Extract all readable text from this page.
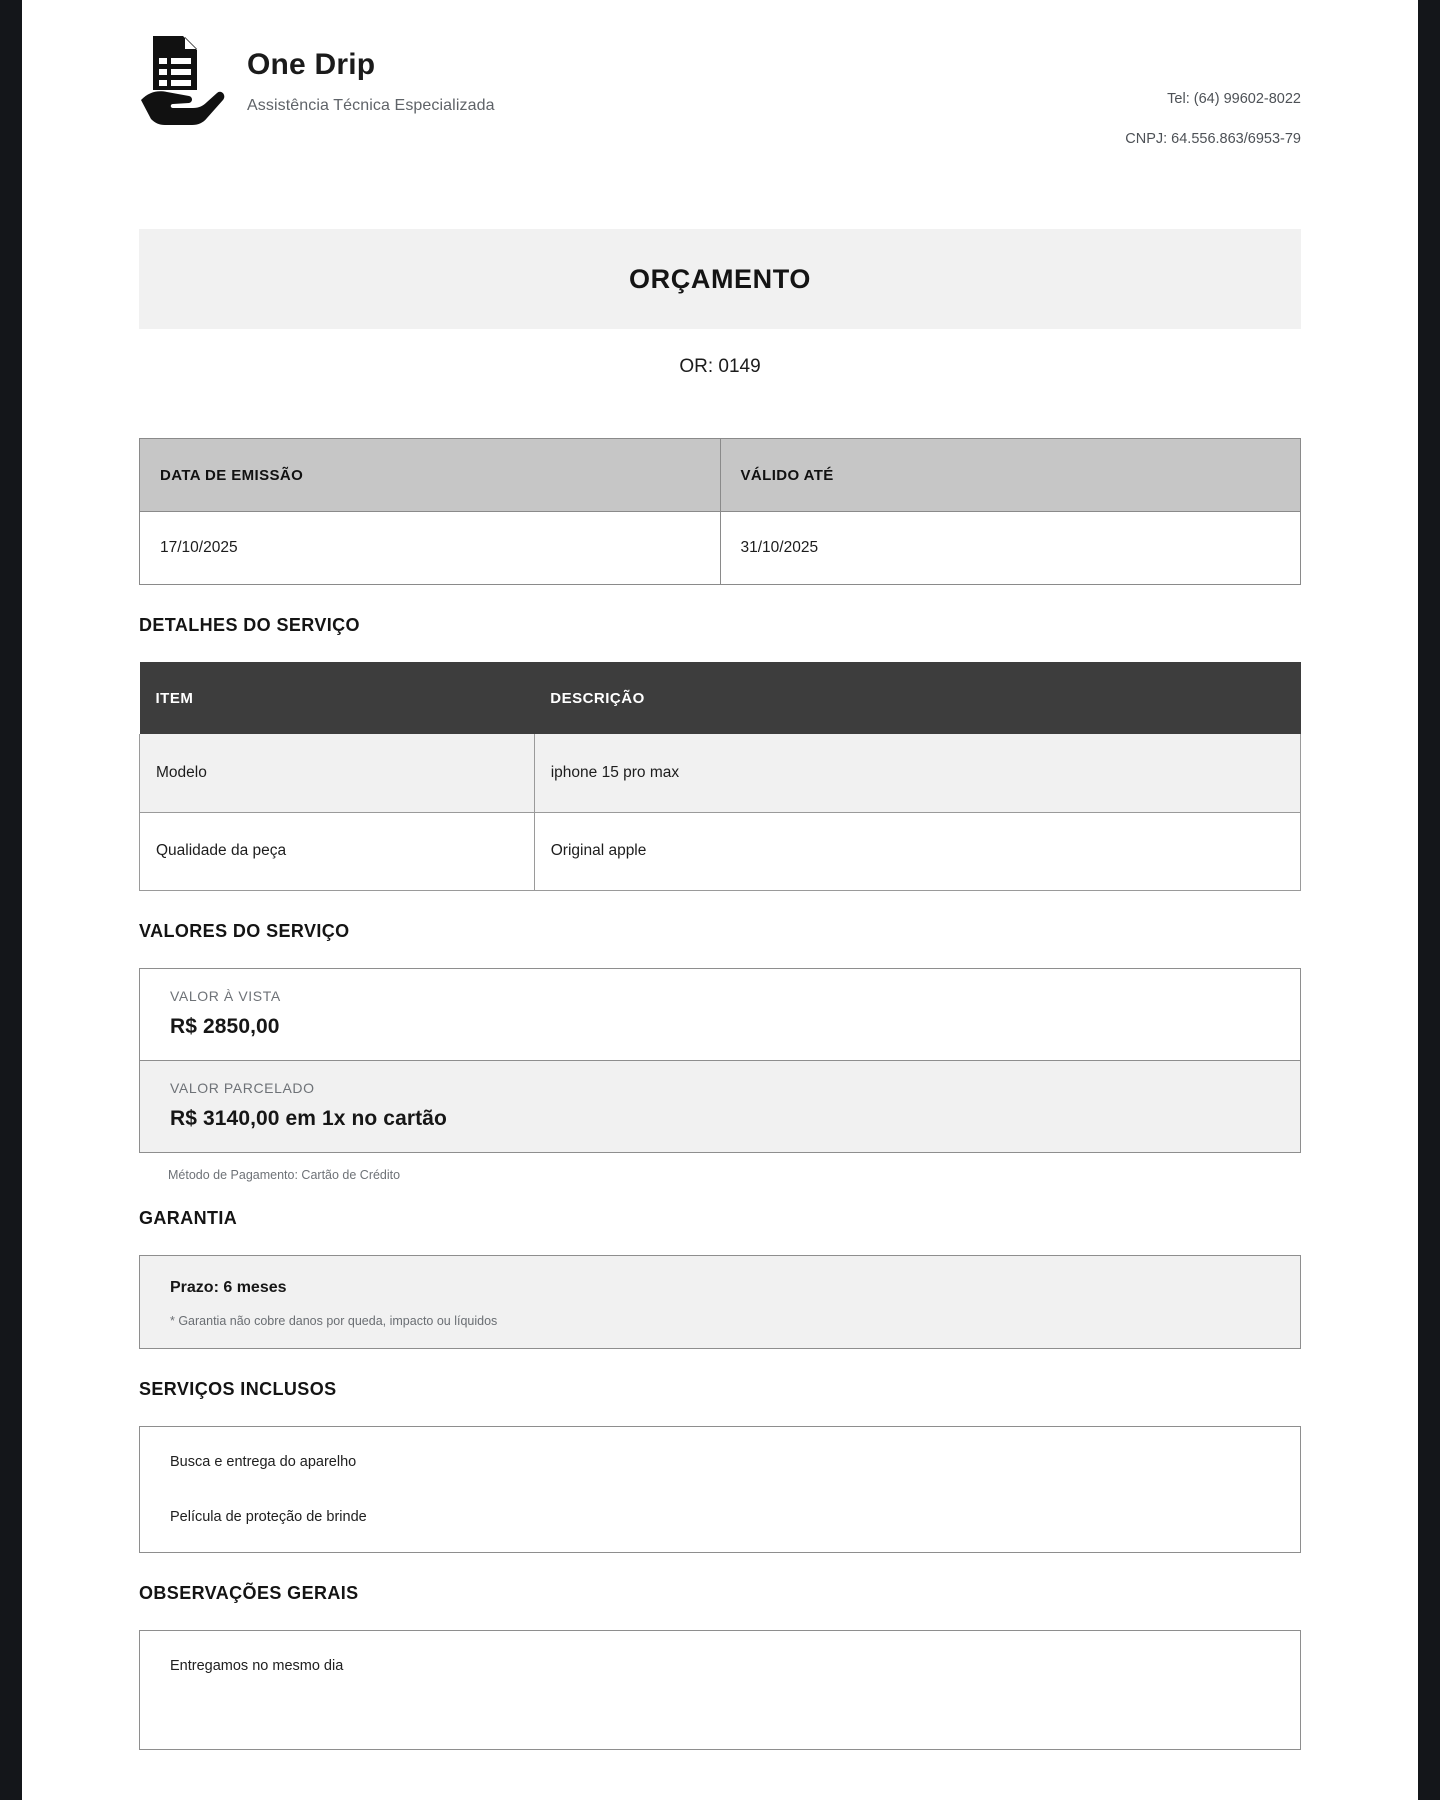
One Drip
Assistência Técnica Especializada	Tel: (64) 99602-8022
CNPJ: 64.556.863/6953-79
ORÇAMENTO
OR: 0149
DATA DE EMISSÃO	VÁLIDO ATÉ
17/10/2025	31/10/2025
DETALHES DO SERVIÇO
ITEM	DESCRIÇÃO
Modelo	iphone 15 pro max
Qualidade da peça	Original apple
VALORES DO SERVIÇO
VALOR À VISTA
R$ 2850,00
VALOR PARCELADO
R$ 3140,00 em 1x no cartão
Método de Pagamento: Cartão de Crédito
GARANTIA
Prazo: 6 meses
* Garantia não cobre danos por queda, impacto ou líquidos
SERVIÇOS INCLUSOS
Busca e entrega do aparelho
Película de proteção de brinde
OBSERVAÇÕES GERAIS
Entregamos no mesmo dia
